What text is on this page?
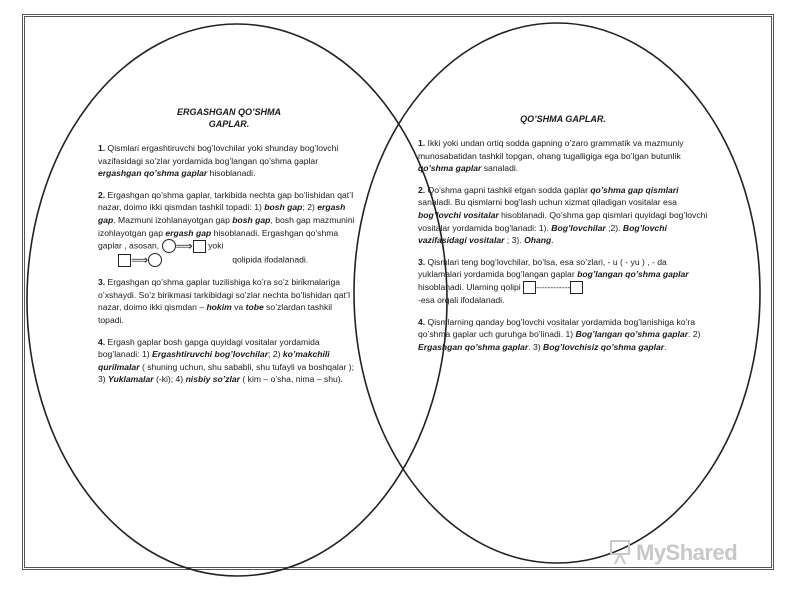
ERGASHGAN QO’SHMA
GAPLAR.

1. Qismlari ergashtiruvchi bog’lovchilar yoki shunday bog’lovchi vazifasidagi so’zlar yordamida bog’langan qo’shma gaplar ergashgan qo’shma gaplar hisoblanadi.

2. Ergashgan qo’shma gaplar, tarkibida nechta gap bo’lishidan qat’I nazar, doimo ikki qismdan tashkil topadi: 1) bosh gap; 2) ergash gap. Mazmuni izohlanayotgan gap bosh gap, bosh gap mazmunini izohlayotgan gap ergash gap hisoblanadi. Ergashgan qo’shma gaplar , asosan, ⟹ yoki
⟹	qolipida ifodalanadi.

3. Ergashgan qo’shma gaplar tuzilishiga ko’ra so’z birikmalariga o’xshaydi. So’z birikmasi tarkibidagi so’zlar nechta bo’lishidan qat’I nazar, doimo ikki qismdan – hokim va tobe so’zlardan tashkil topadi.

4. Ergash gaplar bosh gapga quyidagi vositalar yordamida bog’lanadi: 1) Ergashtiruvchi bog’lovchilar; 2) ko’makchili qurilmalar ( shuning uchun, shu sababli, shu tufayli va boshqalar ); 3) Yuklamalar (-ki); 4) nisbiy so’zlar ( kim – o’sha, nima – shu).

QO’SHMA GAPLAR.

1. Ikki yoki undan ortiq sodda gapning o’zaro grammatik va mazmuniy munosabatidan tashkil topgan, ohang tugalligiga ega bo’lgan butunlik qo’shma gaplar sanaladi.

2. Qo’shma gapni tashkil etgan sodda gaplar qo’shma gap qismlari sanaladi. Bu qismlarni bog’lash uchun xizmat qiladigan vositalar esa bog’lovchi vositalar hisoblanadi. Qo’shma gap qismlari quyidagi bog’lovchi vositalar yordamida bog’lanadi: 1). Bog’lovchilar ;2). Bog’lovchi vazifasidagi vositalar ; 3). Ohang.

3. Qismlari teng bog’lovchilar, bo’lsa, esa so’zlari, - u ( - yu ) , - da yuklamalari yordamida bog’langan gaplar bog’langan qo’shma gaplar hisoblanadi. Ularning qolipi ------------
-esa orqali ifodalanadi.

4. Qismlarning qanday bog’lovchi vositalar yordamida bog’lanishiga ko’ra qo’shma gaplar uch guruhga bo’linadi. 1) Bog’langan qo’shma gaplar. 2) Ergashgan qo’shma gaplar. 3) Bog’lovchisiz qo’shma gaplar.

MyShared
